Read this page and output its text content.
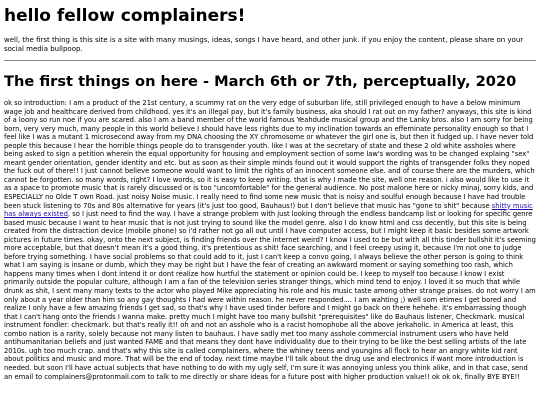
hello fellow complainers!

well, the first thing is this site is a site with many musings, ideas, songs I have heard, and other junk. if you enjoy the content, please share on your social media bullpoop.

The first things on here - March 6th or 7th, perceptually, 2020

ok so introduction: I am a product of the 21st century, a scummy rat on the very edge of suburban life, still privileged enough to have a below minimum wage job and healthcare derived from childhood. yes it's an illegal pay, but it's family business, aka should I rat out on my father? anyways, this site is kind of a loony so run noe if you are scared. also I am a band member of the world famous Yeahdude musical group and the Lanky bros. also I am sorry for being born, very very much, many people in this world believe I should have less rights due to my inclination towards an effeminate personality enough so that I feel like I was a mutant 1 microsecond away from my DNA choosing the XY chromosome or whatever the girl one is, but then it fudged up. I have never told people this because I hear the horrible things people do to transgender youth. like I was at the secretary of state and these 2 old white assholes where being asked to sign a petition wherein the equal opportunity for housing and employment section of some law's wording was to be changed explaing "sex" meant gender orientation, gender identity and etc. but as soon as their simple minds found out it would support the rights of transgender folks they noped the fuck out of there!! I just cannot believe someone would want to limit the rights of an innocent someone else. and of course there are the murders, which cannot be forgotten. so many words, right? I love words, so it is easy to keep writing. that is why I made the site, well one reason. i also would like to use it as a space to promote music that is rarely discussed or is too "uncomfortable" for the general audience. No post malone here or nicky minaj, sorry kids, and ESPECIALLY no Olde T own Road. just noisy Noise music. I really need to find some new music that is noisy and soulful enough because I have had trouble been stuck listening to 70s and 80s alternative for years (it's just too good, Bauhaus!) but I don't believe that music has "gone to shit" because shitty music has always existed, so I just need to find the way. I have a strange problem with just looking through the endless bandcamp list or looking for specific genre based music because I want to hear music that is not just trying to sound like the model genre. also I do know html and css decently, but this site is being created from the distraction device (mobile phone) so i'd rather not go all out until I have computer access, but I might keep it basic besides some artwork pictures in future times. okay, onto the next subject, is finding friends over the internet weird? I know I used to be but with all this tinder bullshit it's seeming more acceptable, but that doesn't mean it's a good thing. it's pretentious as shit! face searching, and I feel creepy using it, because I'm not one to judge before trying something. I have social problems so that could add to it, just I can't keep a convo going, I always believe the other person is going to think what I am saying is insane or dumb, which they may be right but I have the fear of creating an awkward moment or saying something too rash, which happens many times when I dont intend it or dont realize how hurtful the statement or opinion could be. I keep to myself too because I know I exist primarily outside the popular culture, although I am a fan of the television series stranger things, which mind tend to enjoy. I loved it so much that while drunk as shit, I sent many many texts to the actor who played Mike appreciating his role and his music taste among other strange praises. do not worry I am only about a year older than him so any gay thoughts I had were within reason. he never responded.... I am wahting ;) well som etimes I get bored and realize I only have a few amazing friends I get sad, so that's why I have used tinder before and I might go back on there hehehe. it's embarrassing though that I can't hang onto the friends I wanna make. pretty much I might have too many bullshit "prerequisites" like do Bauhaus listener, Checkmark. musical instrument fondler: checkmark. but that's really it!! oh and not an asshole who is a racist homophobe all the above jerkaholic. in America at least, this combo nation is a rarity, solely because not many listen to bauhaus. I have sadly met too many asshole commercial instrument users who have held antihumanitarian beliefs and just wanted FAME and that means they dont have individuality due to their trying to be like the best selling artists of the late 2010s. ugh too much crap. and that's why this site is called complainers, where the whiney teens and youngins all flock to hear an angry white kid rant about politics and music and more. That will be the end of today. next time maybe I'll talk about the drug use and electronics if want more introduction is needed. but soon I'll have actual subjects that have nothing to do with my ugly self, I'm sure it was annoying unless you think alike, and in that case, send an email to complainers@protonmail.com to talk to me directly or share ideas for a future post with higher production value!! ok ok ok, finally BYE BYE!!
